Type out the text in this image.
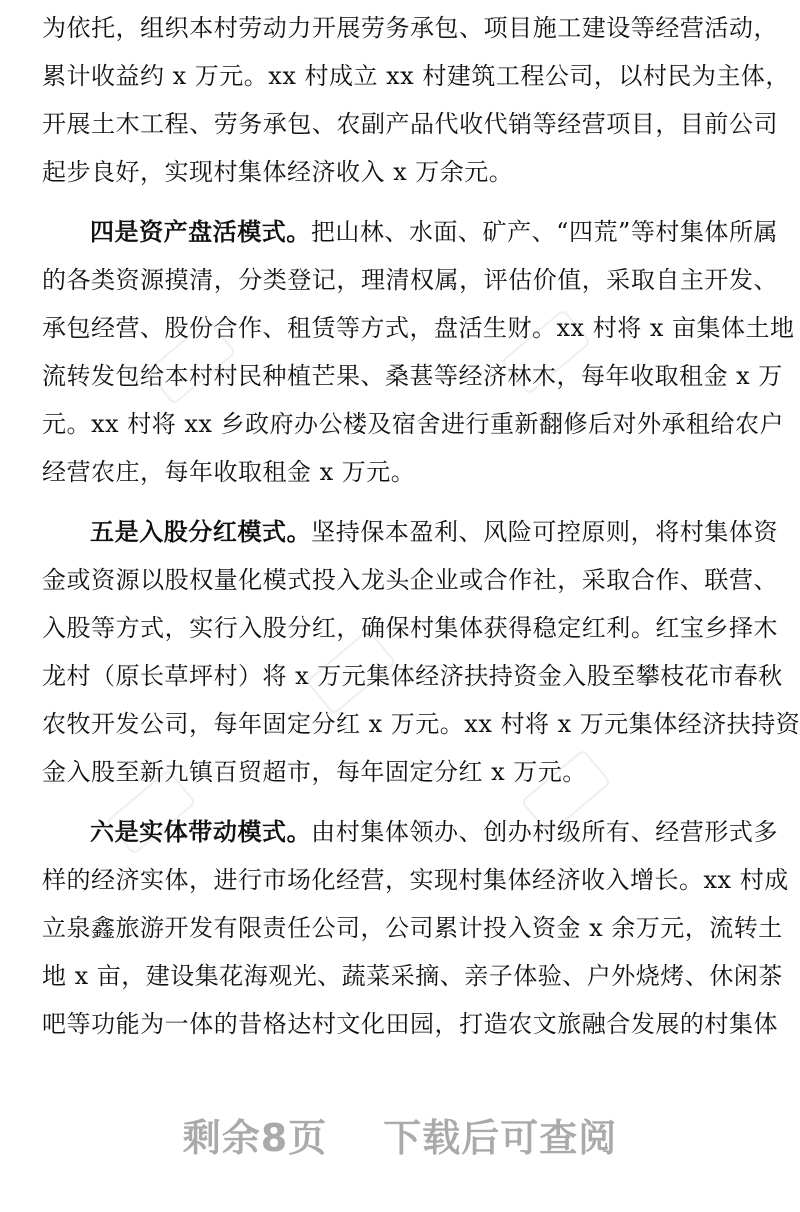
为依托，组织本村劳动力开展劳务承包、项目施工建设等经营活动，
累计收益约 x 万元。xx 村成立 xx 村建筑工程公司，以村民为主体，
开展土木工程、劳务承包、农副产品代收代销等经营项目，目前公司
起步良好，实现村集体经济收入 x 万余元。
四是资产盘活模式。把山林、水面、矿产、“四荒”等村集体所属
的各类资源摸清，分类登记，理清权属，评估价值，采取自主开发、
承包经营、股份合作、租赁等方式，盘活生财。xx 村将 x 亩集体土地
流转发包给本村村民种植芒果、桑葚等经济林木，每年收取租金 x 万
元。xx 村将 xx 乡政府办公楼及宿舍进行重新翻修后对外承租给农户
经营农庄，每年收取租金 x 万元。
五是入股分红模式。坚持保本盈利、风险可控原则，将村集体资
金或资源以股权量化模式投入龙头企业或合作社，采取合作、联营、
入股等方式，实行入股分红，确保村集体获得稳定红利。红宝乡择木
龙村（原长草坪村）将 x 万元集体经济扶持资金入股至攀枝花市春秋
农牧开发公司，每年固定分红 x 万元。xx 村将 x 万元集体经济扶持资
金入股至新九镇百贸超市，每年固定分红 x 万元。
六是实体带动模式。由村集体领办、创办村级所有、经营形式多
样的经济实体，进行市场化经营，实现村集体经济收入增长。xx 村成
立泉鑫旅游开发有限责任公司，公司累计投入资金 x 余万元，流转土
地 x 亩，建设集花海观光、蔬菜采摘、亲子体验、户外烧烤、休闲茶
吧等功能为一体的昔格达村文化田园，打造农文旅融合发展的村集体
剩余8页 下载后可查阅
